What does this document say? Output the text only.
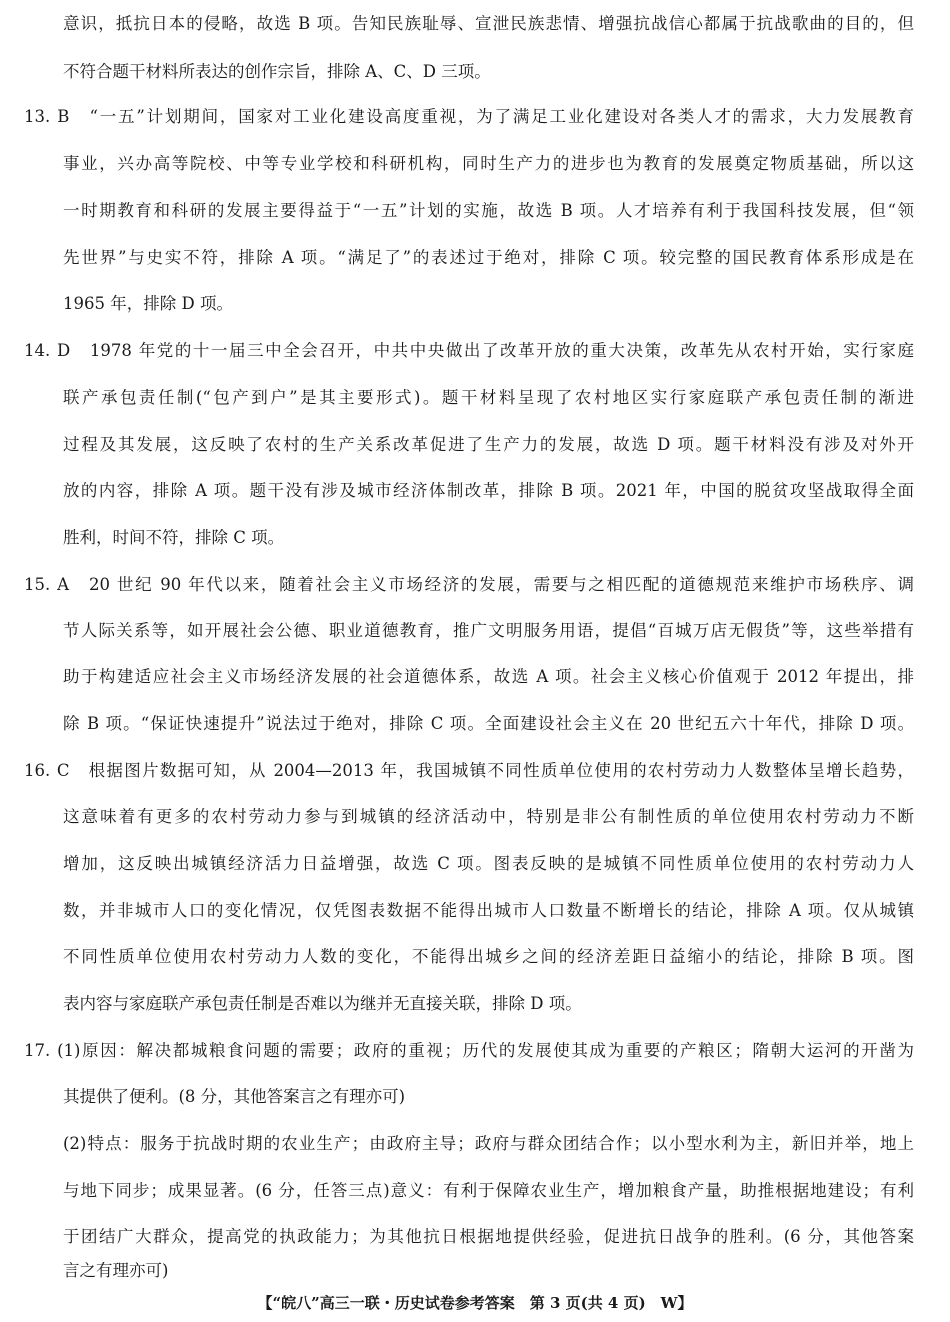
意识，抵抗日本的侵略，故选 B 项。告知民族耻辱、宣泄民族悲情、增强抗战信心都属于抗战歌曲的目的，但
不符合题干材料所表达的创作宗旨，排除 A、C、D 三项。
13. B　“一五”计划期间，国家对工业化建设高度重视，为了满足工业化建设对各类人才的需求，大力发展教育
事业，兴办高等院校、中等专业学校和科研机构，同时生产力的进步也为教育的发展奠定物质基础，所以这
一时期教育和科研的发展主要得益于“一五”计划的实施，故选 B 项。人才培养有利于我国科技发展，但“领
先世界”与史实不符，排除 A 项。“满足了”的表述过于绝对，排除 C 项。较完整的国民教育体系形成是在
1965 年，排除 D 项。
14. D　1978 年党的十一届三中全会召开，中共中央做出了改革开放的重大决策，改革先从农村开始，实行家庭
联产承包责任制(“包产到户”是其主要形式)。题干材料呈现了农村地区实行家庭联产承包责任制的渐进
过程及其发展，这反映了农村的生产关系改革促进了生产力的发展，故选 D 项。题干材料没有涉及对外开
放的内容，排除 A 项。题干没有涉及城市经济体制改革，排除 B 项。2021 年，中国的脱贫攻坚战取得全面
胜利，时间不符，排除 C 项。
15. A　20 世纪 90 年代以来，随着社会主义市场经济的发展，需要与之相匹配的道德规范来维护市场秩序、调
节人际关系等，如开展社会公德、职业道德教育，推广文明服务用语，提倡“百城万店无假货”等，这些举措有
助于构建适应社会主义市场经济发展的社会道德体系，故选 A 项。社会主义核心价值观于 2012 年提出，排
除 B 项。“保证快速提升”说法过于绝对，排除 C 项。全面建设社会主义在 20 世纪五六十年代，排除 D 项。
16. C　根据图片数据可知，从 2004—2013 年，我国城镇不同性质单位使用的农村劳动力人数整体呈增长趋势，
这意味着有更多的农村劳动力参与到城镇的经济活动中，特别是非公有制性质的单位使用农村劳动力不断
增加，这反映出城镇经济活力日益增强，故选 C 项。图表反映的是城镇不同性质单位使用的农村劳动力人
数，并非城市人口的变化情况，仅凭图表数据不能得出城市人口数量不断增长的结论，排除 A 项。仅从城镇
不同性质单位使用农村劳动力人数的变化，不能得出城乡之间的经济差距日益缩小的结论，排除 B 项。图
表内容与家庭联产承包责任制是否难以为继并无直接关联，排除 D 项。
17. (1)原因：解决都城粮食问题的需要；政府的重视；历代的发展使其成为重要的产粮区；隋朝大运河的开凿为
其提供了便利。(8 分，其他答案言之有理亦可)
(2)特点：服务于抗战时期的农业生产；由政府主导；政府与群众团结合作；以小型水利为主，新旧并举，地上
与地下同步；成果显著。(6 分，任答三点)意义：有利于保障农业生产，增加粮食产量，助推根据地建设；有利
于团结广大群众，提高党的执政能力；为其他抗日根据地提供经验，促进抗日战争的胜利。(6 分，其他答案
言之有理亦可)
【“皖八”高三一联・历史试卷参考答案　第 3 页(共 4 页)　W】
